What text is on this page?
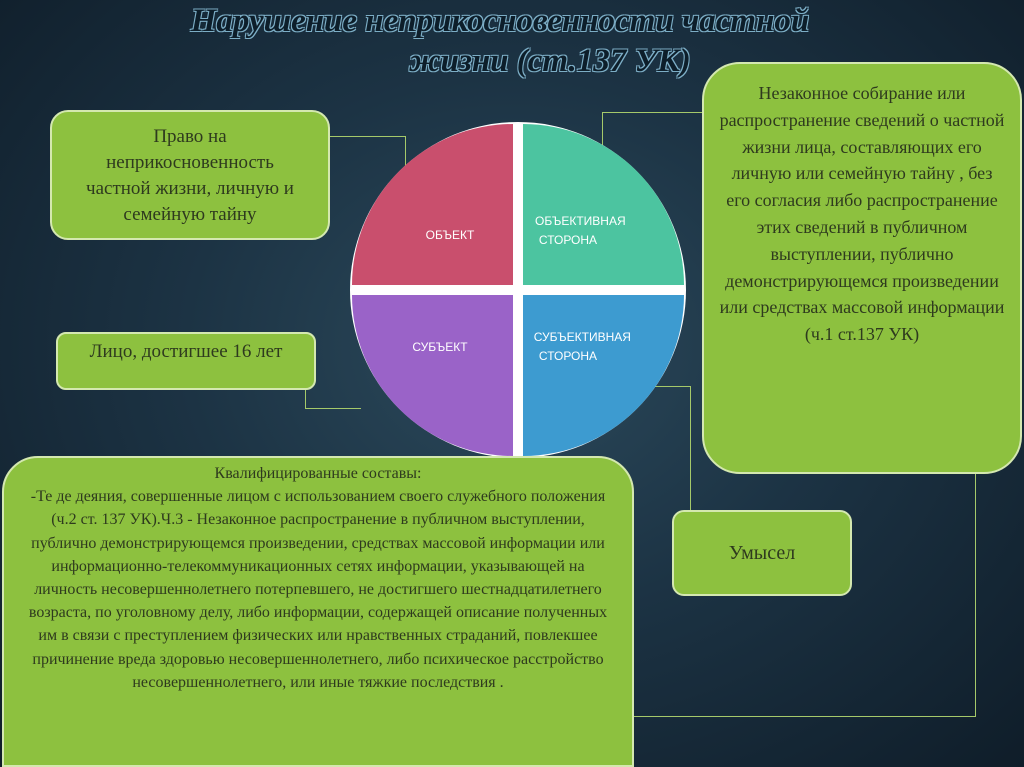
Нарушение неприкосновенности частной
жизни (ст.137 УК)
ОБЪЕКТ
ОБЪЕКТИВНАЯ СТОРОНА
СУБЪЕКТ
СУБЪЕКТИВНАЯ СТОРОНА
Право на неприкосновенность частной жизни, личную и семейную тайну
Лицо, достигшее 16 лет
Незаконное собирание или распространение сведений о частной жизни лица, составляющих его личную или семейную тайну , без его согласия либо распространение этих сведений в публичном выступлении, публично демонстрирующемся произведении или средствах массовой информации (ч.1 ст.137 УК)
Умысел
Квалифицированные составы:
-Те де деяния, совершенные лицом с использованием своего служебного положения (ч.2 ст. 137 УК).Ч.3 - Незаконное распространение в публичном выступлении, публично демонстрирующемся произведении, средствах массовой информации или информационно-телекоммуникационных сетях информации, указывающей на личность несовершеннолетнего потерпевшего, не достигшего шестнадцатилетнего возраста, по уголовному делу, либо информации, содержащей описание полученных им в связи с преступлением физических или нравственных страданий, повлекшее причинение вреда здоровью несовершеннолетнего, либо психическое расстройство несовершеннолетнего, или иные тяжкие последствия .
